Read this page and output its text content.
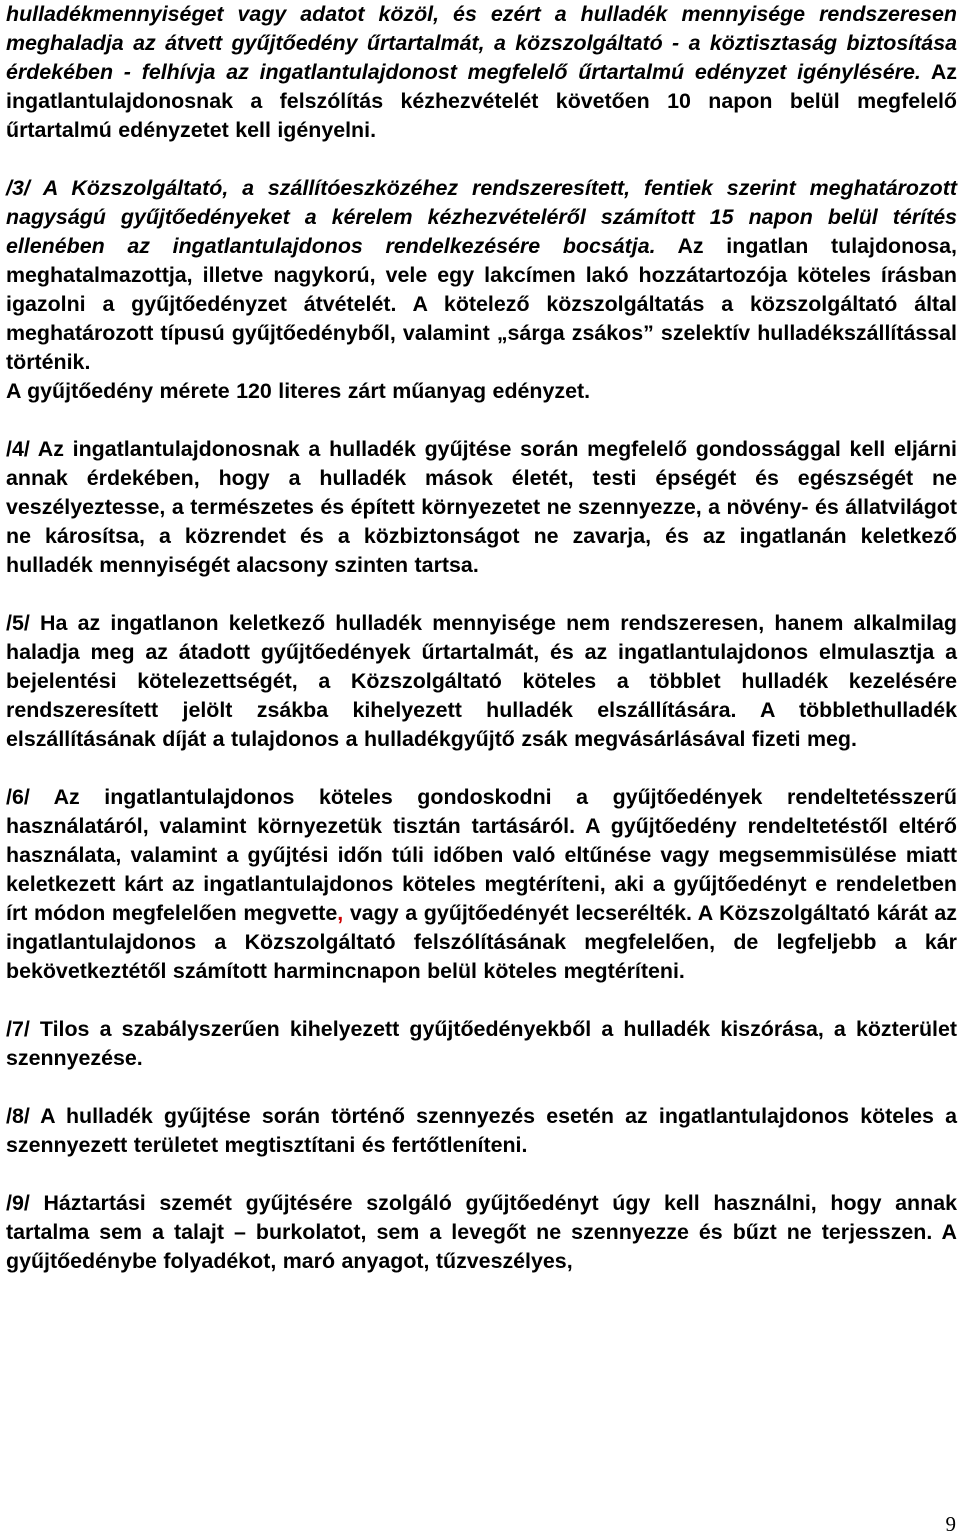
hulladékmennyiséget vagy adatot közöl, és ezért a hulladék mennyisége rendszeresen meghaladja az átvett gyűjtőedény űrtartalmát, a közszolgáltató - a köztisztaság biztosítása érdekében - felhívja az ingatlantulajdonost megfelelő űrtartalmú edényzet igénylésére. Az ingatlantulajdonosnak a felszólítás kézhezvételét követően 10 napon belül megfelelő űrtartalmú edényzetet kell igényelni.

/3/ A Közszolgáltató, a szállítóeszközéhez rendszeresített, fentiek szerint meghatározott nagyságú gyűjtőedényeket a kérelem kézhezvételéről számított 15 napon belül térítés ellenében az ingatlantulajdonos rendelkezésére bocsátja. Az ingatlan tulajdonosa, meghatalmazottja, illetve nagykorú, vele egy lakcímen lakó hozzátartozója köteles írásban igazolni a gyűjtőedényzet átvételét. A kötelező közszolgáltatás a közszolgáltató által meghatározott típusú gyűjtőedényből, valamint „sárga zsákos” szelektív hulladékszállítással történik.
A gyűjtőedény mérete 120 literes zárt műanyag edényzet.

/4/ Az ingatlantulajdonosnak a hulladék gyűjtése során megfelelő gondossággal kell eljárni annak érdekében, hogy a hulladék mások életét, testi épségét és egészségét ne veszélyeztesse, a természetes és épített környezetet ne szennyezze, a növény- és állatvilágot ne károsítsa, a közrendet és a közbiztonságot ne zavarja, és az ingatlanán keletkező hulladék mennyiségét alacsony szinten tartsa.

/5/ Ha az ingatlanon keletkező hulladék mennyisége nem rendszeresen, hanem alkalmilag haladja meg az átadott gyűjtőedények űrtartalmát, és az ingatlantulajdonos elmulasztja a bejelentési kötelezettségét, a Közszolgáltató köteles a többlet hulladék kezelésére rendszeresített jelölt zsákba kihelyezett hulladék elszállítására. A többlethulladék elszállításának díját a tulajdonos a hulladékgyűjtő zsák megvásárlásával fizeti meg.

/6/ Az ingatlantulajdonos köteles gondoskodni a gyűjtőedények rendeltetésszerű használatáról, valamint környezetük tisztán tartásáról. A gyűjtőedény rendeltetéstől eltérő használata, valamint a gyűjtési időn túli időben való eltűnése vagy megsemmisülése miatt keletkezett kárt az ingatlantulajdonos köteles megtéríteni, aki a gyűjtőedényt e rendeletben írt módon megfelelően megvette, vagy a gyűjtőedényét lecserélték. A Közszolgáltató kárát az ingatlantulajdonos a Közszolgáltató felszólításának megfelelően, de legfeljebb a kár bekövetkeztétől számított harmincnapon belül köteles megtéríteni.

/7/ Tilos a szabályszerűen kihelyezett gyűjtőedényekből a hulladék kiszórása, a közterület szennyezése.

/8/ A hulladék gyűjtése során történő szennyezés esetén az ingatlantulajdonos köteles a szennyezett területet megtisztítani és fertőtleníteni.

/9/ Háztartási szemét gyűjtésére szolgáló gyűjtőedényt úgy kell használni, hogy annak tartalma sem a talajt – burkolatot, sem a levegőt ne szennyezze és bűzt ne terjesszen. A gyűjtőedénybe folyadékot, maró anyagot, tűzveszélyes,

9
